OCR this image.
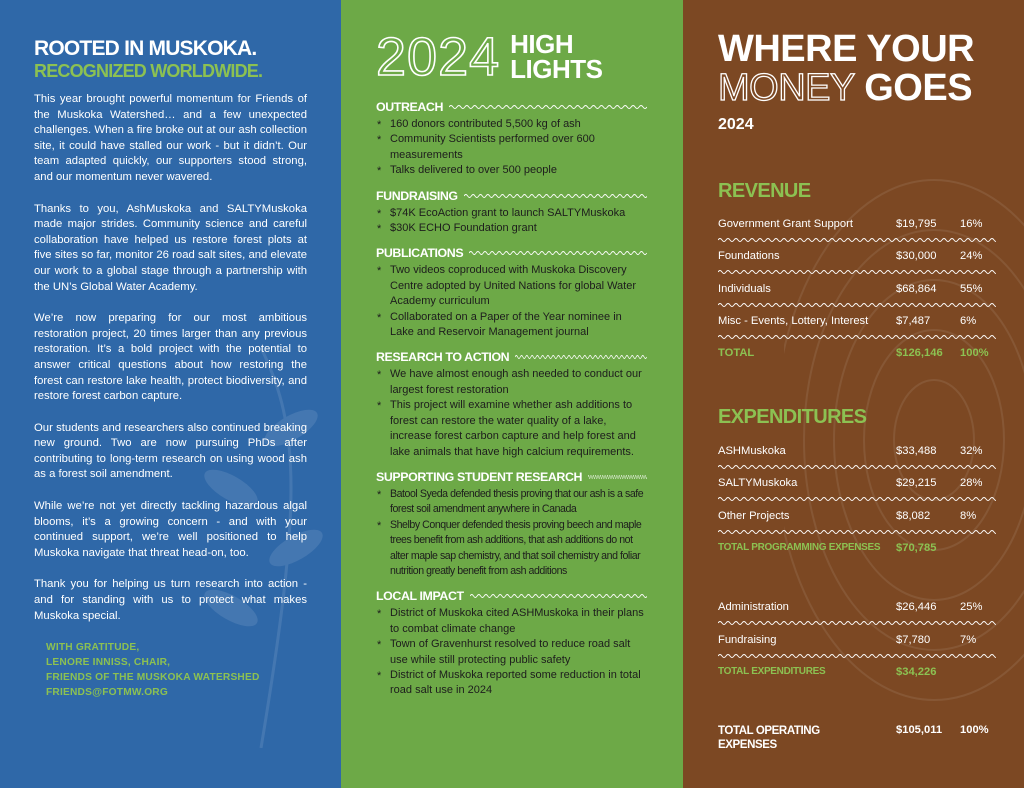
ROOTED IN MUSKOKA.
RECOGNIZED WORLDWIDE.

This year brought powerful momentum for Friends of the Muskoka Watershed… and a few unexpected challenges. When a fire broke out at our ash collection site, it could have stalled our work - but it didn’t. Our team adapted quickly, our supporters stood strong, and our momentum never wavered.

Thanks to you, AshMuskoka and SALTYMuskoka made major strides. Community science and careful collaboration have helped us restore forest plots at five sites so far, monitor 26 road salt sites, and elevate our work to a global stage through a partnership with the UN’s Global Water Academy.

We’re now preparing for our most ambitious restoration project, 20 times larger than any previous restoration. It’s a bold project with the potential to answer critical questions about how restoring the forest can restore lake health, protect biodiversity, and restore forest carbon capture.

Our students and researchers also continued breaking new ground. Two are now pursuing PhDs after contributing to long-term research on using wood ash as a forest soil amendment.

While we’re not yet directly tackling hazardous algal blooms, it’s a growing concern - and with your continued support, we’re well positioned to help Muskoka navigate that threat head-on, too.

Thank you for helping us turn research into action - and for standing with us to protect what makes Muskoka special.

WITH GRATITUDE,
LENORE INNISS, CHAIR,
FRIENDS OF THE MUSKOKA WATERSHED
FRIENDS@FOTMW.ORG
2024 HIGH
LIGHTS
OUTREACH
* 160 donors contributed 5,500 kg of ash
* Community Scientists performed over 600 measurements
* Talks delivered to over 500 people
FUNDRAISING
* $74K EcoAction grant to launch SALTYMuskoka
* $30K ECHO Foundation grant
PUBLICATIONS
* Two videos coproduced with Muskoka Discovery Centre adopted by United Nations for global Water Academy curriculum
* Collaborated on a Paper of the Year nominee in Lake and Reservoir Management journal
RESEARCH TO ACTION
* We have almost enough ash needed to conduct our largest forest restoration
* This project will examine whether ash additions to forest can restore the water quality of a lake, increase forest carbon capture and help forest and lake animals that have high calcium requirements.
SUPPORTING STUDENT RESEARCH
* Batool Syeda defended thesis proving that our ash is a safe forest soil amendment anywhere in Canada
* Shelby Conquer defended thesis proving beech and maple trees benefit from ash additions, that ash additions do not alter maple sap chemistry, and that soil chemistry and foliar nutrition greatly benefit from ash additions
LOCAL IMPACT
* District of Muskoka cited ASHMuskoka in their plans to combat climate change
* Town of Gravenhurst resolved to reduce road salt use while still protecting public safety
* District of Muskoka reported some reduction in total road salt use in 2024
WHERE YOUR
MONEY GOES
2024
REVENUE
Government Grant Support	$19,795 16%
Foundations	$30,000 24%
Individuals	$68,864 55%
Misc - Events, Lottery, Interest $7,487	6%
TOTAL	$126,146 100%
EXPENDITURES
ASHMuskoka	$33,488 32%
SALTYMuskoka	$29,215 28%
Other Projects	$8,082	8%
TOTAL PROGRAMMING EXPENSES $70,785
Administration	$26,446 25%
Fundraising	$7,780	7%
TOTAL EXPENDITURES	$34,226
TOTAL OPERATING
EXPENSES
$105,011 100%
